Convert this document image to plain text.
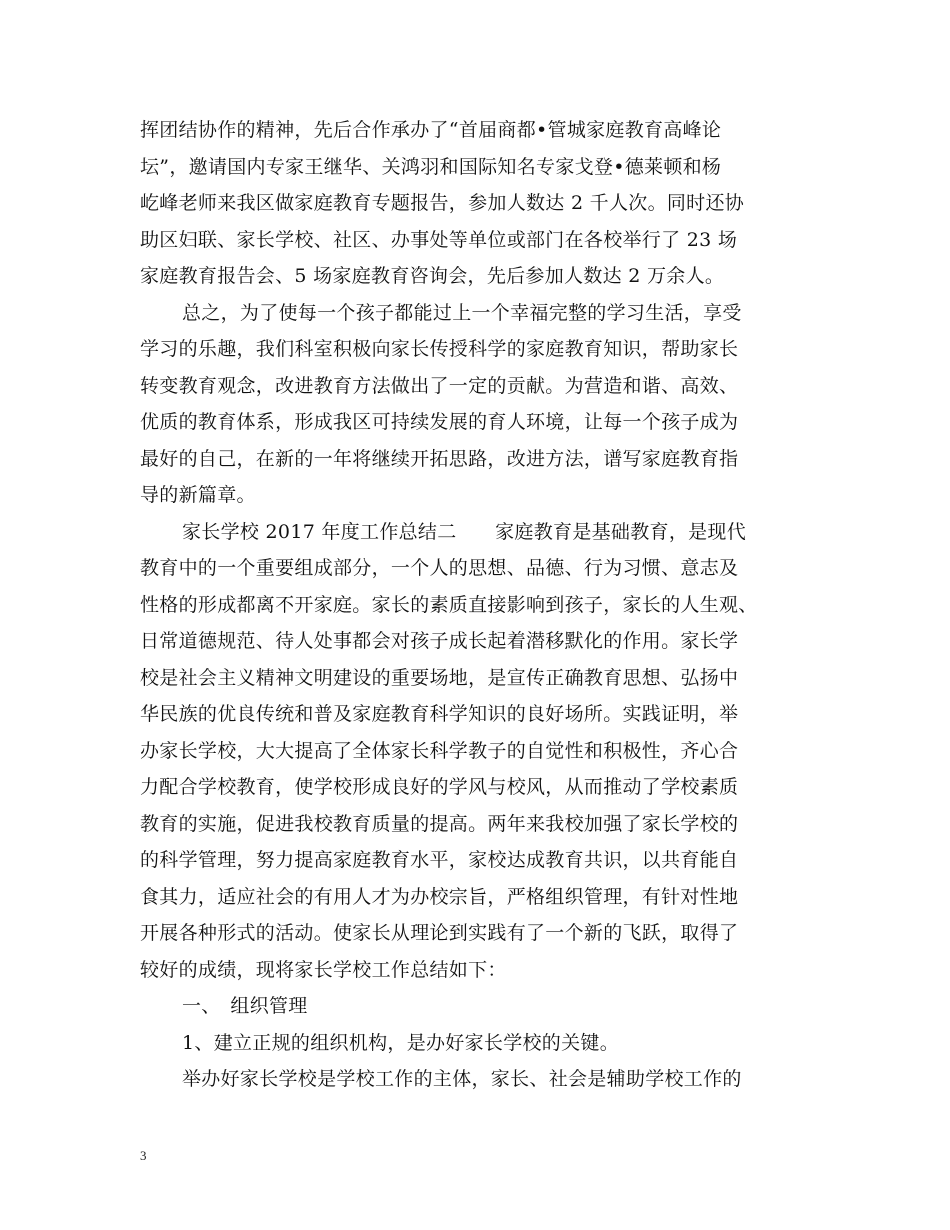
挥团结协作的精神，先后合作承办了“首届商都•管城家庭教育高峰论
坛”，邀请国内专家王继华、关鸿羽和国际知名专家戈登•德莱顿和杨
屹峰老师来我区做家庭教育专题报告，参加人数达 2 千人次。同时还协
助区妇联、家长学校、社区、办事处等单位或部门在各校举行了 23 场
家庭教育报告会、5 场家庭教育咨询会，先后参加人数达 2 万余人。
总之，为了使每一个孩子都能过上一个幸福完整的学习生活，享受
学习的乐趣，我们科室积极向家长传授科学的家庭教育知识，帮助家长
转变教育观念，改进教育方法做出了一定的贡献。为营造和谐、高效、
优质的教育体系，形成我区可持续发展的育人环境，让每一个孩子成为
最好的自己，在新的一年将继续开拓思路，改进方法，谱写家庭教育指
导的新篇章。
家长学校 2017 年度工作总结二　　家庭教育是基础教育，是现代
教育中的一个重要组成部分，一个人的思想、品德、行为习惯、意志及
性格的形成都离不开家庭。家长的素质直接影响到孩子，家长的人生观、
日常道德规范、待人处事都会对孩子成长起着潜移默化的作用。家长学
校是社会主义精神文明建设的重要场地，是宣传正确教育思想、弘扬中
华民族的优良传统和普及家庭教育科学知识的良好场所。实践证明，举
办家长学校，大大提高了全体家长科学教子的自觉性和积极性，齐心合
力配合学校教育，使学校形成良好的学风与校风，从而推动了学校素质
教育的实施，促进我校教育质量的提高。两年来我校加强了家长学校的
的科学管理，努力提高家庭教育水平，家校达成教育共识，以共育能自
食其力，适应社会的有用人才为办校宗旨，严格组织管理，有针对性地
开展各种形式的活动。使家长从理论到实践有了一个新的飞跃，取得了
较好的成绩，现将家长学校工作总结如下：
一、　组织管理
1、建立正规的组织机构，是办好家长学校的关键。
举办好家长学校是学校工作的主体，家长、社会是辅助学校工作的
3
